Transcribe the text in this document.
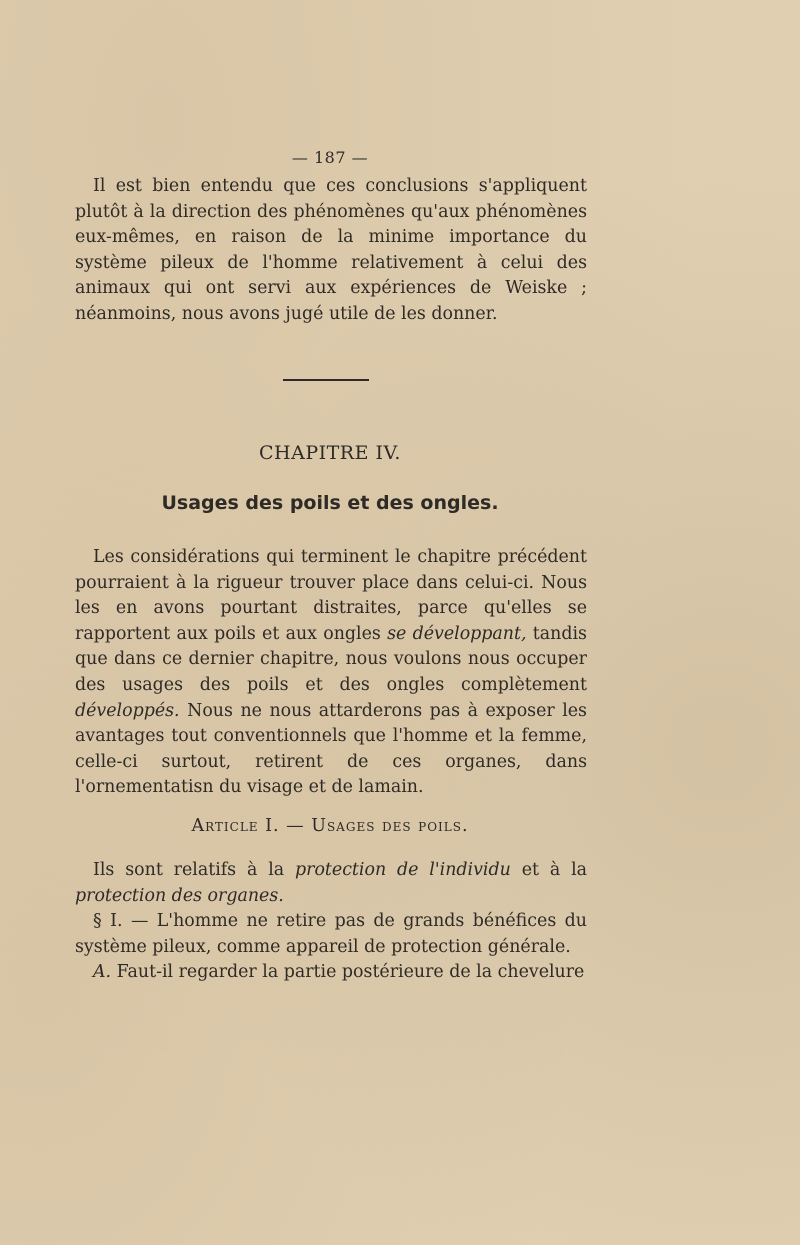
— 187 —

Il est bien entendu que ces conclusions s'appliquent plutôt à la direction des phénomènes qu'aux phénomènes eux-mêmes, en raison de la minime importance du système pileux de l'homme relativement à celui des animaux qui ont servi aux expériences de Weiske ; néanmoins, nous avons jugé utile de les donner.

CHAPITRE IV.
Usages des poils et des ongles.

Les considérations qui terminent le chapitre précédent pourraient à la rigueur trouver place dans celui-ci. Nous les en avons pourtant distraites, parce qu'elles se rapportent aux poils et aux ongles se développant, tandis que dans ce dernier chapitre, nous voulons nous occuper des usages des poils et des ongles complètement développés. Nous ne nous attarderons pas à exposer les avantages tout conventionnels que l'homme et la femme, celle-ci surtout, retirent de ces organes, dans l'ornementatisn du visage et de lamain.

Article I. — Usages des poils.

Ils sont relatifs à la protection de l'individu et à la protection des organes.

§ I. — L'homme ne retire pas de grands bénéfices du système pileux, comme appareil de protection générale.

A. Faut-il regarder la partie postérieure de la chevelure
